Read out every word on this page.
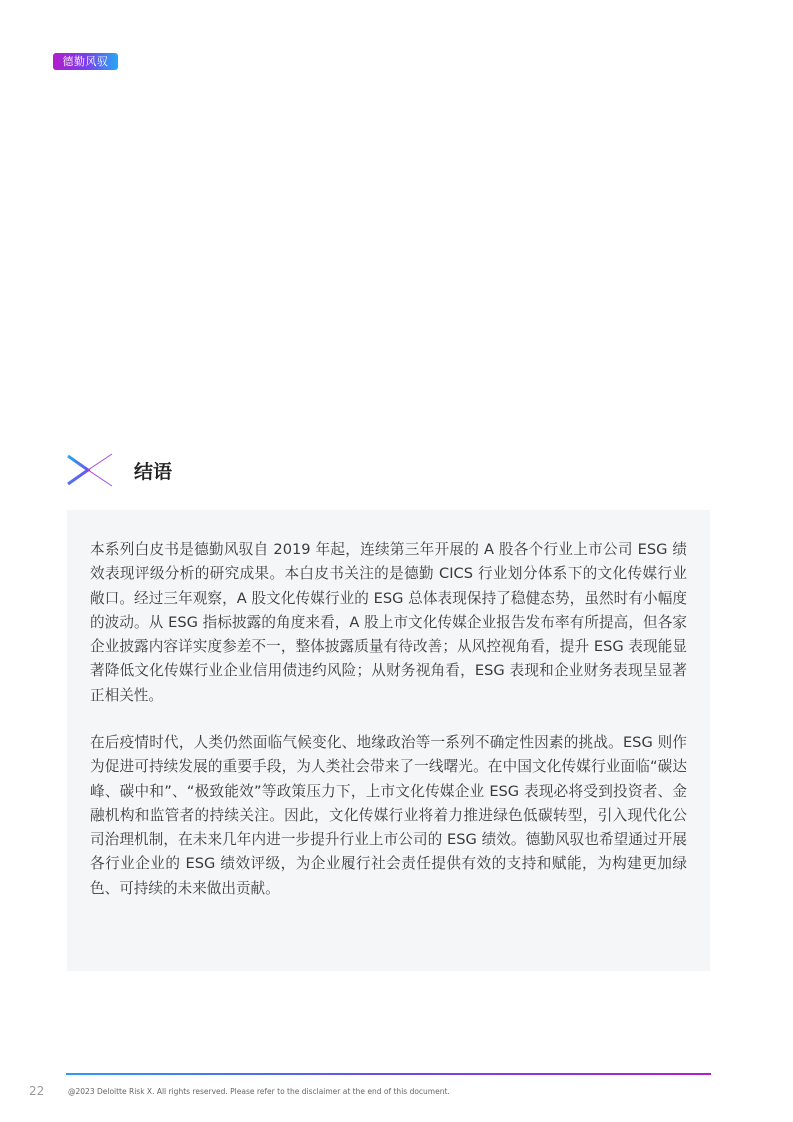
德勤风驭
结语

本系列白皮书是德勤风驭自 2019 年起，连续第三年开展的 A 股各个行业上市公司 ESG 绩效表现评级分析的研究成果。本白皮书关注的是德勤 CICS 行业划分体系下的文化传媒行业敞口。经过三年观察，A 股文化传媒行业的 ESG 总体表现保持了稳健态势，虽然时有小幅度的波动。从 ESG 指标披露的角度来看，A 股上市文化传媒企业报告发布率有所提高，但各家企业披露内容详实度参差不一，整体披露质量有待改善；从风控视角看，提升 ESG 表现能显著降低文化传媒行业企业信用债违约风险；从财务视角看，ESG 表现和企业财务表现呈显著正相关性。

在后疫情时代，人类仍然面临气候变化、地缘政治等一系列不确定性因素的挑战。ESG 则作为促进可持续发展的重要手段，为人类社会带来了一线曙光。在中国文化传媒行业面临“碳达峰、碳中和”、“极致能效”等政策压力下，上市文化传媒企业 ESG 表现必将受到投资者、金融机构和监管者的持续关注。因此，文化传媒行业将着力推进绿色低碳转型，引入现代化公司治理机制，在未来几年内进一步提升行业上市公司的 ESG 绩效。德勤风驭也希望通过开展各行业企业的 ESG 绩效评级，为企业履行社会责任提供有效的支持和赋能，为构建更加绿色、可持续的未来做出贡献。

22	@2023 Deloitte Risk X. All rights reserved. Please refer to the disclaimer at the end of this document.
